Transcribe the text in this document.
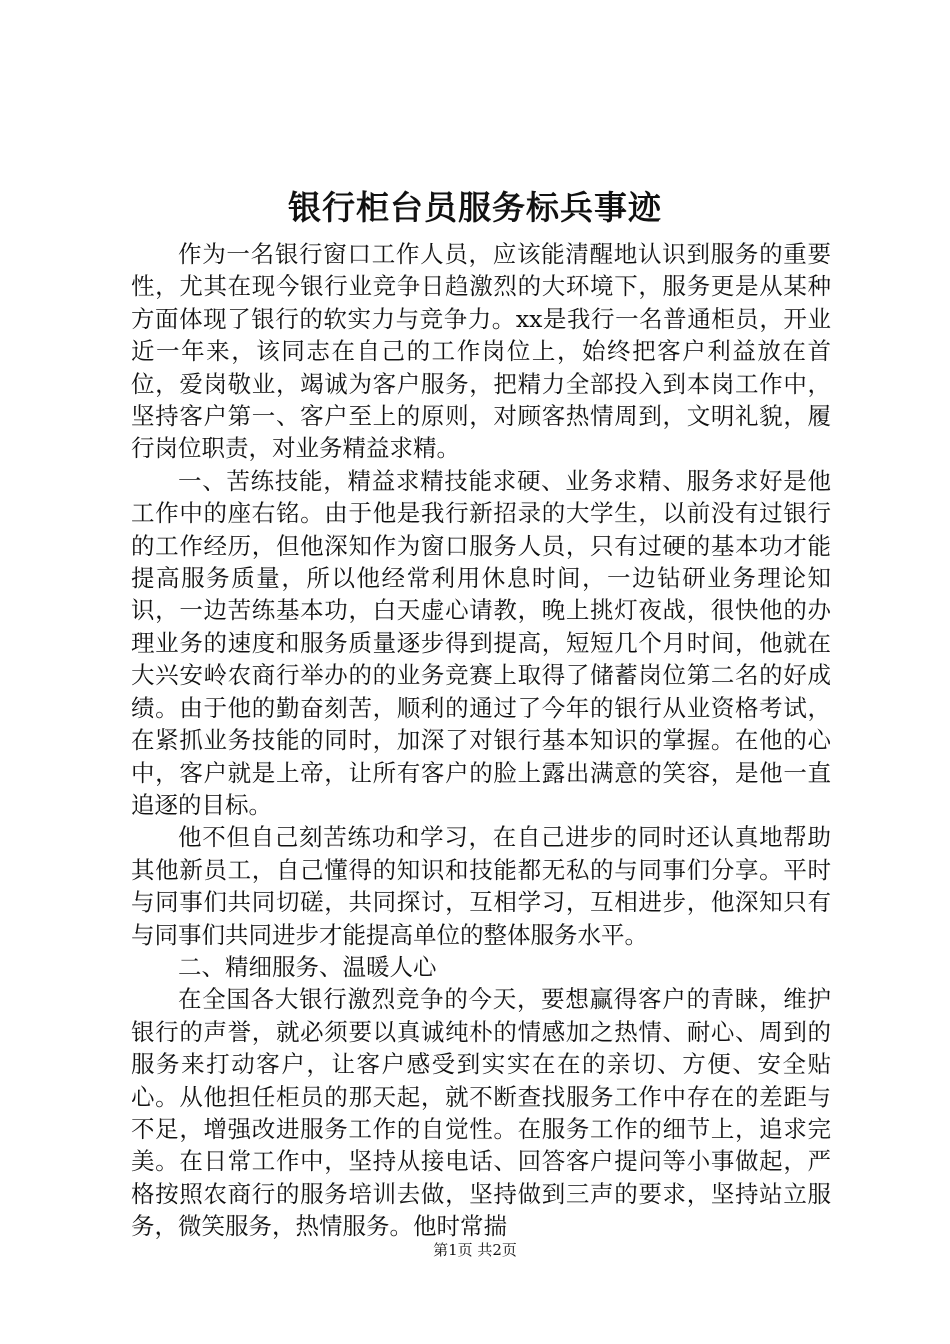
银行柜台员服务标兵事迹

作为一名银行窗口工作人员，应该能清醒地认识到服务的重要性，尤其在现今银行业竞争日趋激烈的大环境下，服务更是从某种方面体现了银行的软实力与竞争力。xx是我行一名普通柜员，开业近一年来，该同志在自己的工作岗位上，始终把客户利益放在首位，爱岗敬业，竭诚为客户服务，把精力全部投入到本岗工作中，坚持客户第一、客户至上的原则，对顾客热情周到，文明礼貌，履行岗位职责，对业务精益求精。

一、苦练技能，精益求精技能求硬、业务求精、服务求好是他工作中的座右铭。由于他是我行新招录的大学生，以前没有过银行的工作经历，但他深知作为窗口服务人员，只有过硬的基本功才能提高服务质量，所以他经常利用休息时间，一边钻研业务理论知识，一边苦练基本功，白天虚心请教，晚上挑灯夜战，很快他的办理业务的速度和服务质量逐步得到提高，短短几个月时间，他就在大兴安岭农商行举办的的业务竞赛上取得了储蓄岗位第二名的好成绩。由于他的勤奋刻苦，顺利的通过了今年的银行从业资格考试，在紧抓业务技能的同时，加深了对银行基本知识的掌握。在他的心中，客户就是上帝，让所有客户的脸上露出满意的笑容，是他一直追逐的目标。

他不但自己刻苦练功和学习，在自己进步的同时还认真地帮助其他新员工，自己懂得的知识和技能都无私的与同事们分享。平时与同事们共同切磋，共同探讨，互相学习，互相进步，他深知只有与同事们共同进步才能提高单位的整体服务水平。

二、精细服务、温暖人心

在全国各大银行激烈竞争的今天，要想赢得客户的青睐，维护银行的声誉，就必须要以真诚纯朴的情感加之热情、耐心、周到的服务来打动客户，让客户感受到实实在在的亲切、方便、安全贴心。从他担任柜员的那天起，就不断查找服务工作中存在的差距与不足，增强改进服务工作的自觉性。在服务工作的细节上，追求完美。在日常工作中，坚持从接电话、回答客户提问等小事做起，严格按照农商行的服务培训去做，坚持做到三声的要求，坚持站立服务，微笑服务，热情服务。他时常揣

第1页 共2页
